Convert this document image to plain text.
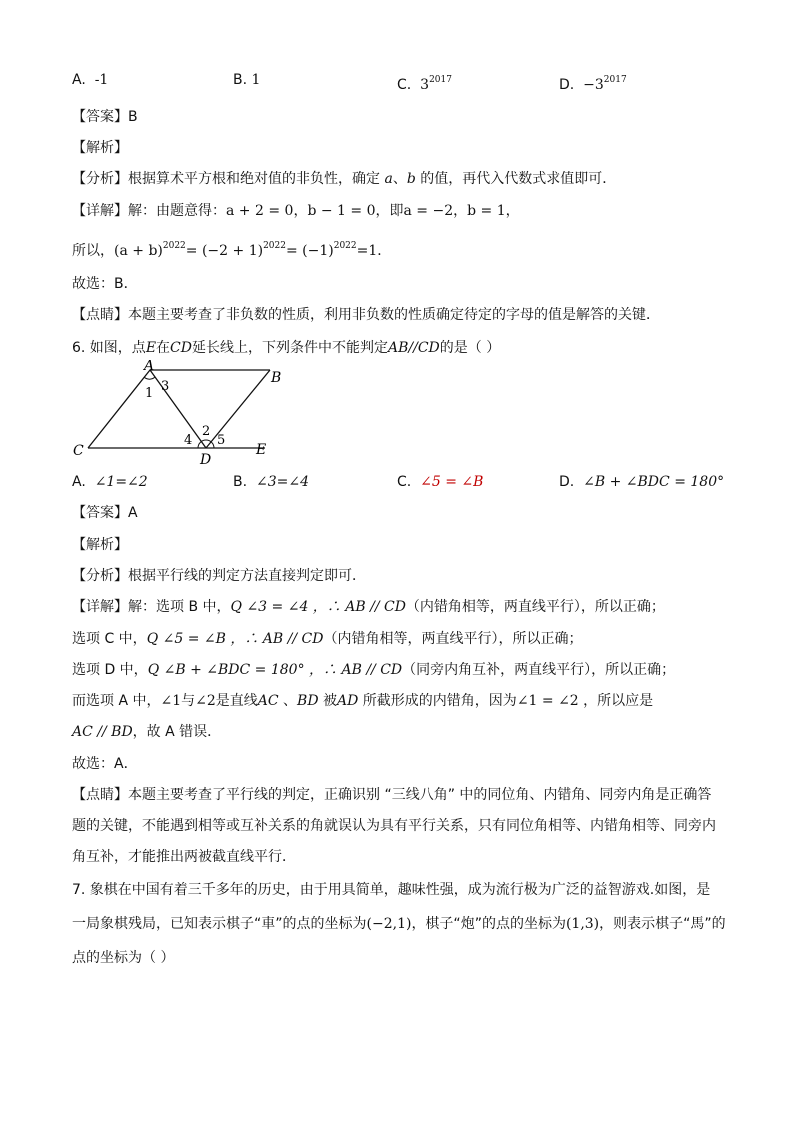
A. -1	B. 1	C. $3^{2017}$	D. $-3^{2017}$
【答案】B
【解析】
【分析】根据算术平方根和绝对值的非负性，确定 a、b 的值，再代入代数式求值即可．
【详解】解：由题意得：a + 2 = 0，b − 1 = 0，即a = −2，b = 1，
所以，$(a + b)^{2022}= (-2 + 1)^{2022}= (-1)^{2022}=1$．
故选：B．
【点睛】本题主要考查了非负数的性质，利用非负数的性质确定待定的字母的值是解答的关键．
6. 如图，点E在CD延长线上，下列条件中不能判定AB//CD的是（ ）
A
B
C
D
E
1 3
2
4 5
A. ∠1=∠2	B. ∠3=∠4	C. ∠5 = ∠B	D. ∠B + ∠BDC = 180°
【答案】A
【解析】
【分析】根据平行线的判定方法直接判定即可．
【详解】解：选项 B 中，Q ∠3 = ∠4 ，∴ AB // CD（内错角相等，两直线平行），所以正确；
选项 C 中，Q ∠5 = ∠B ，∴ AB // CD（内错角相等，两直线平行），所以正确；
选项 D 中，Q ∠B + ∠BDC = 180° ，∴ AB // CD（同旁内角互补，两直线平行），所以正确；
而选项 A 中，∠1与∠2是直线AC 、BD 被AD 所截形成的内错角，因为∠1 = ∠2 ，所以应是
AC // BD，故 A 错误．
故选：A．
【点睛】本题主要考查了平行线的判定，正确识别 “三线八角” 中的同位角、内错角、同旁内角是正确答
题的关键，不能遇到相等或互补关系的角就误认为具有平行关系，只有同位角相等、内错角相等、同旁内
角互补，才能推出两被截直线平行．
7. 象棋在中国有着三千多年的历史，由于用具简单，趣味性强，成为流行极为广泛的益智游戏.如图，是
一局象棋残局，已知表示棋子“車”的点的坐标为(−2,1)，棋子“炮”的点的坐标为(1,3)，则表示棋子“馬”的
点的坐标为（ ）
